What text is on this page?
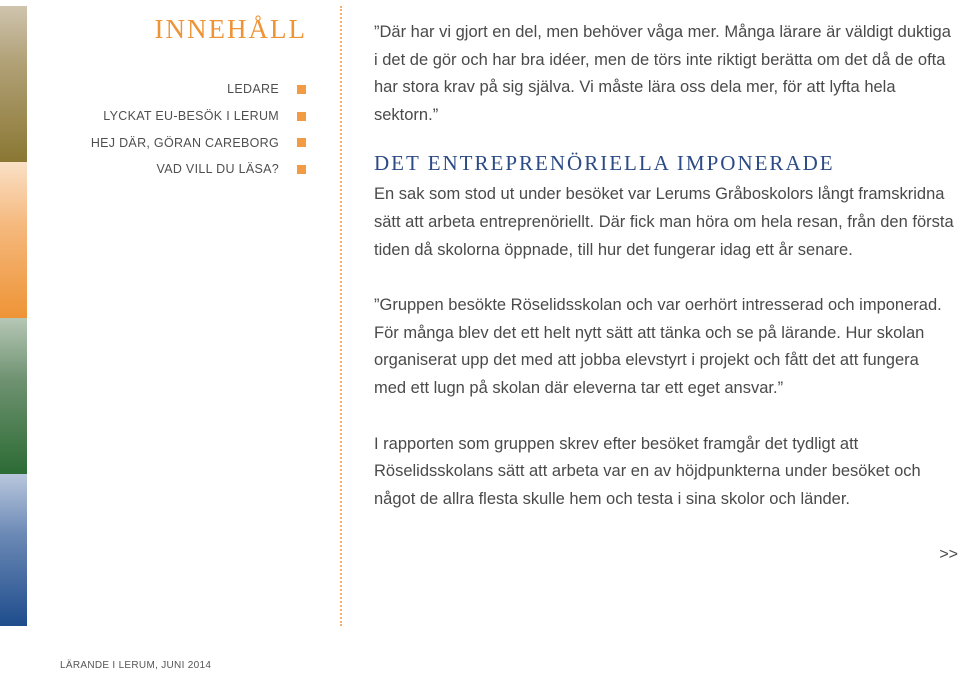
INNEHÅLL
LEDARE
LYCKAT EU-BESÖK I LERUM
HEJ DÄR, GÖRAN CAREBORG
VAD VILL DU LÄSA?

”Där har vi gjort en del, men behöver våga mer. Många lärare är väldigt duktiga i det de gör och har bra idéer, men de törs inte riktigt berätta om det då de ofta har stora krav på sig själva. Vi måste lära oss dela mer, för att lyfta hela sektorn.”

DET ENTREPRENÖRIELLA IMPONERADE

En sak som stod ut under besöket var Lerums Gråboskolors långt framskridna sätt att arbeta entreprenöriellt. Där fick man höra om hela resan, från den första tiden då skolorna öppnade, till hur det fungerar idag ett år senare.

”Gruppen besökte Röselidsskolan och var oerhört intresserad och imponerad. För många blev det ett helt nytt sätt att tänka och se på lärande. Hur skolan organiserat upp det med att jobba elevstyrt i projekt och fått det att fungera med ett lugn på skolan där eleverna tar ett eget ansvar.”

I rapporten som gruppen skrev efter besöket framgår det tydligt att Röselidsskolans sätt att arbeta var en av höjdpunkterna under besöket och något de allra flesta skulle hem och testa i sina skolor och länder.

>>
LÄRANDE I LERUM, JUNI 2014
